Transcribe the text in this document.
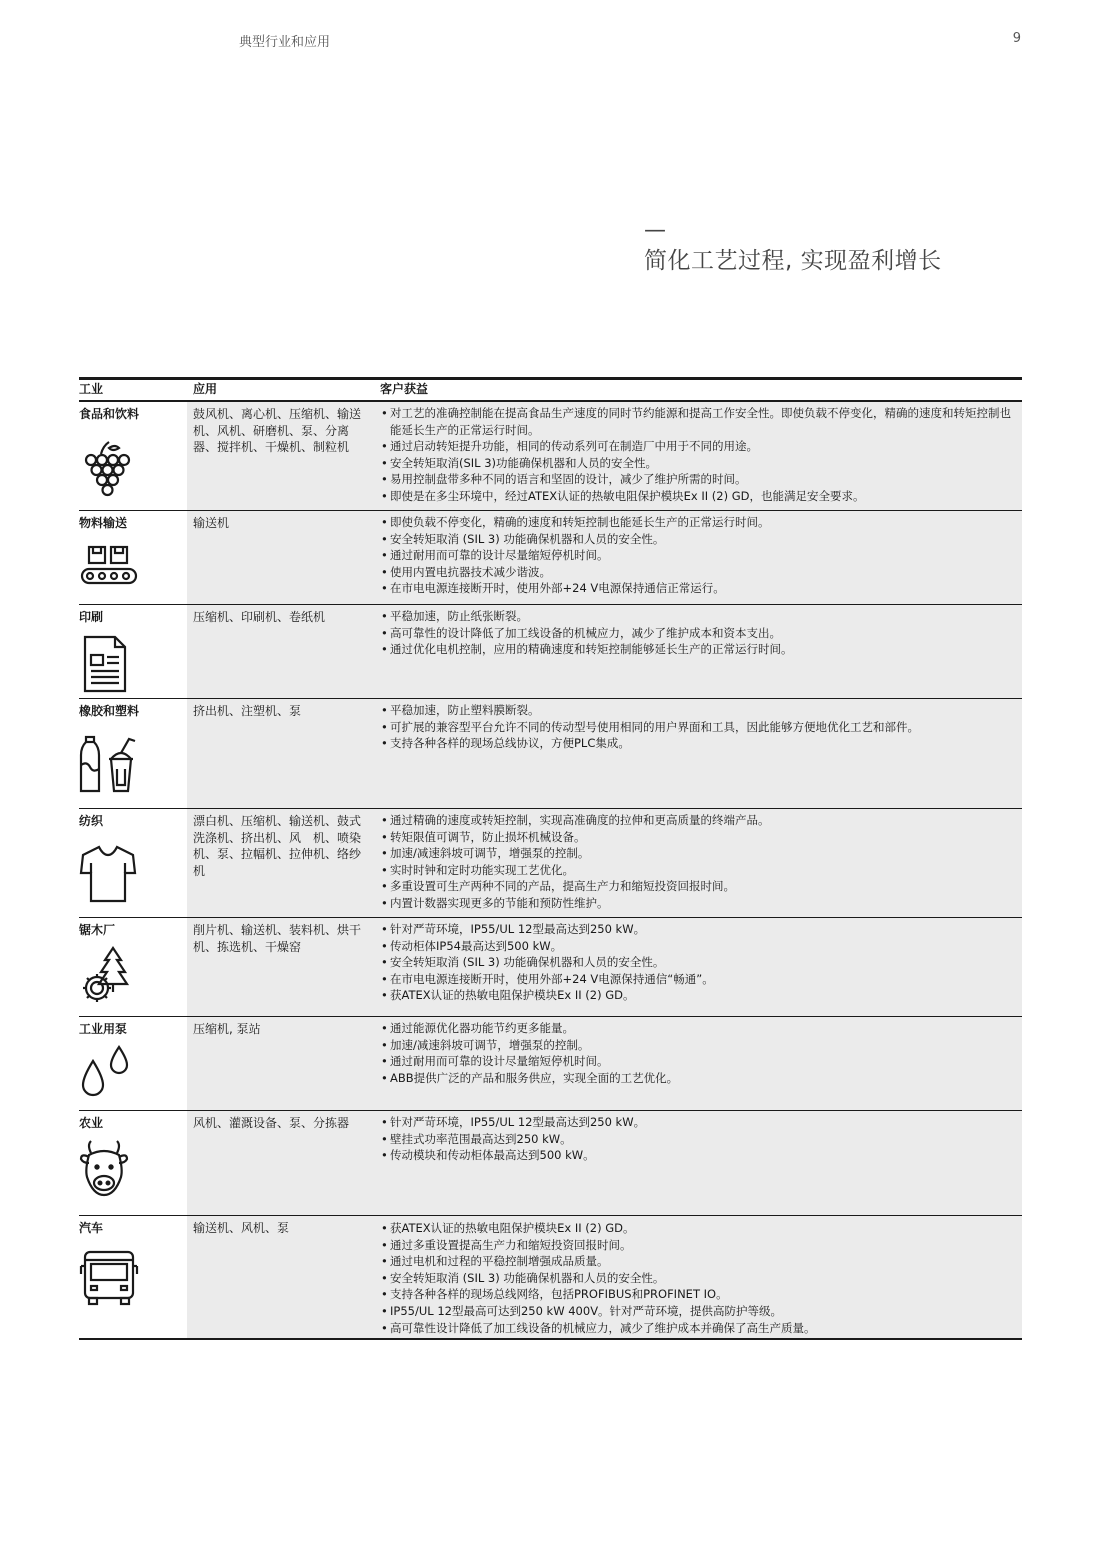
典型行业和应用	9
—
简化工艺过程, 实现盈利增长
工业	应用	客户获益
食品和饮料	鼓风机、离心机、压缩机、输送机、风机、研磨机、泵、分离器、搅拌机、干燥机、制粒机
• 对工艺的准确控制能在提高食品生产速度的同时节约能源和提高工作安全性。即使负载不停变化，精确的速度和转矩控制也能延长生产的正常运行时间。
• 通过启动转矩提升功能，相同的传动系列可在制造厂中用于不同的用途。
• 安全转矩取消(SIL 3)功能确保机器和人员的安全性。
• 易用控制盘带多种不同的语言和坚固的设计，减少了维护所需的时间。
• 即使是在多尘环境中，经过ATEX认证的热敏电阻保护模块Ex II (2) GD，也能满足安全要求。
物料输送	输送机	• 即使负载不停变化，精确的速度和转矩控制也能延长生产的正常运行时间。
• 安全转矩取消 (SIL 3) 功能确保机器和人员的安全性。
• 通过耐用而可靠的设计尽量缩短停机时间。
• 使用内置电抗器技术减少谐波。
• 在市电电源连接断开时，使用外部+24 V电源保持通信正常运行。
印刷	压缩机、印刷机、卷纸机	• 平稳加速，防止纸张断裂。
• 高可靠性的设计降低了加工线设备的机械应力，减少了维护成本和资本支出。
• 通过优化电机控制，应用的精确速度和转矩控制能够延长生产的正常运行时间。
橡胶和塑料	挤出机、注塑机、泵	• 平稳加速，防止塑料膜断裂。
• 可扩展的兼容型平台允许不同的传动型号使用相同的用户界面和工具，因此能够方便地优化工艺和部件。
• 支持各种各样的现场总线协议，方便PLC集成。
纺织	漂白机、压缩机、输送机、鼓式洗涤机、挤出机、风　机、喷染机、泵、拉幅机、拉伸机、络纱机
• 通过精确的速度或转矩控制，实现高准确度的拉伸和更高质量的终端产品。
• 转矩限值可调节，防止损坏机械设备。
• 加速/减速斜坡可调节，增强泵的控制。
• 实时时钟和定时功能实现工艺优化。
• 多重设置可生产两种不同的产品，提高生产力和缩短投资回报时间。
• 内置计数器实现更多的节能和预防性维护。
锯木厂	削片机、输送机、装料机、烘干机、拣选机、干燥窑
• 针对严苛环境，IP55/UL 12型最高达到250 kW。
• 传动柜体IP54最高达到500 kW。
• 安全转矩取消 (SIL 3) 功能确保机器和人员的安全性。
• 在市电电源连接断开时，使用外部+24 V电源保持通信“畅通”。
• 获ATEX认证的热敏电阻保护模块Ex II (2) GD。
工业用泵	压缩机, 泵站	• 通过能源优化器功能节约更多能量。
• 加速/减速斜坡可调节，增强泵的控制。
• 通过耐用而可靠的设计尽量缩短停机时间。
• ABB提供广泛的产品和服务供应，实现全面的工艺优化。
农业	风机、灌溉设备、泵、分拣器	• 针对严苛环境，IP55/UL 12型最高达到250 kW。
• 壁挂式功率范围最高达到250 kW。
• 传动模块和传动柜体最高达到500 kW。
汽车	输送机、风机、泵	• 获ATEX认证的热敏电阻保护模块Ex II (2) GD。
• 通过多重设置提高生产力和缩短投资回报时间。
• 通过电机和过程的平稳控制增强成品质量。
• 安全转矩取消 (SIL 3) 功能确保机器和人员的安全性。
• 支持各种各样的现场总线网络，包括PROFIBUS和PROFINET IO。
• IP55/UL 12型最高可达到250 kW 400V。针对严苛环境，提供高防护等级。
• 高可靠性设计降低了加工线设备的机械应力，减少了维护成本并确保了高生产质量。
